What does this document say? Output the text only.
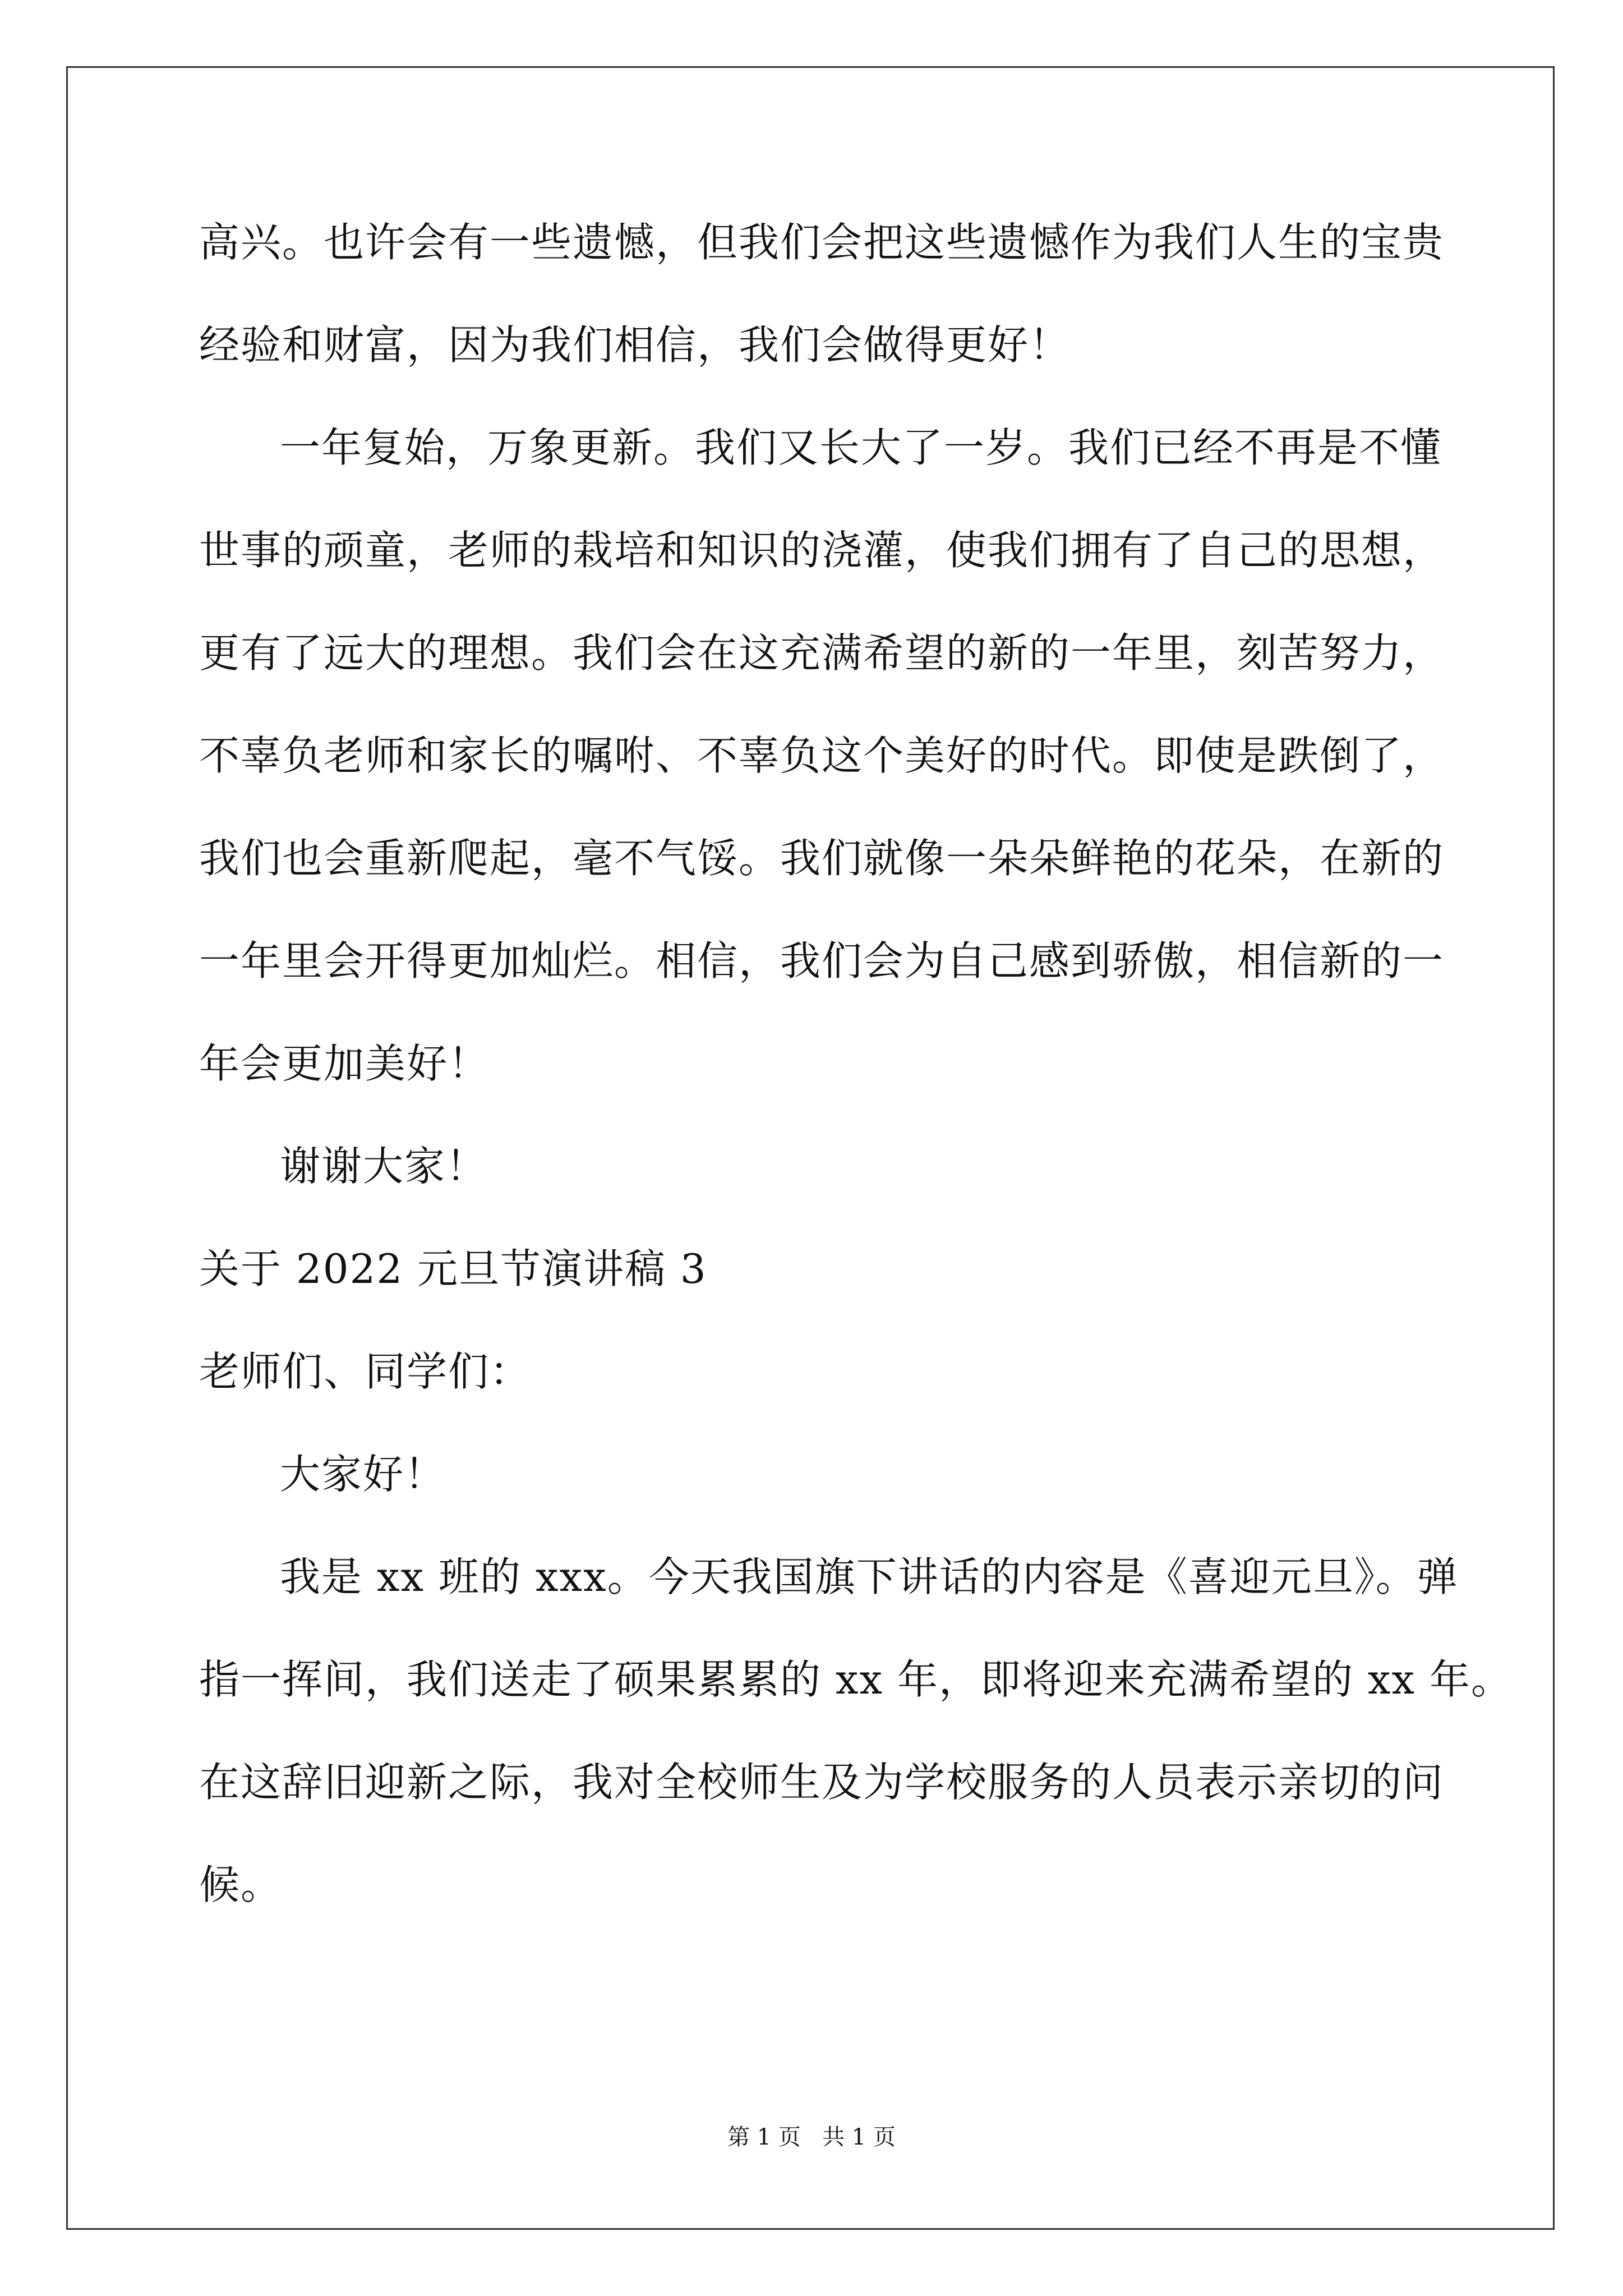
高兴。也许会有一些遗憾，但我们会把这些遗憾作为我们人生的宝贵
经验和财富，因为我们相信，我们会做得更好！
一年复始，万象更新。我们又长大了一岁。我们已经不再是不懂
世事的顽童，老师的栽培和知识的浇灌，使我们拥有了自己的思想，
更有了远大的理想。我们会在这充满希望的新的一年里，刻苦努力，
不辜负老师和家长的嘱咐、不辜负这个美好的时代。即使是跌倒了，
我们也会重新爬起，毫不气馁。我们就像一朵朵鲜艳的花朵，在新的
一年里会开得更加灿烂。相信，我们会为自己感到骄傲，相信新的一
年会更加美好！
谢谢大家！
关于 2022 元旦节演讲稿 3
老师们、同学们：
大家好！
我是 xx 班的 xxx。今天我国旗下讲话的内容是《喜迎元旦》。弹
指一挥间，我们送走了硕果累累的 xx 年，即将迎来充满希望的 xx 年。
在这辞旧迎新之际，我对全校师生及为学校服务的人员表示亲切的问
候。
第 1 页   共 1 页
